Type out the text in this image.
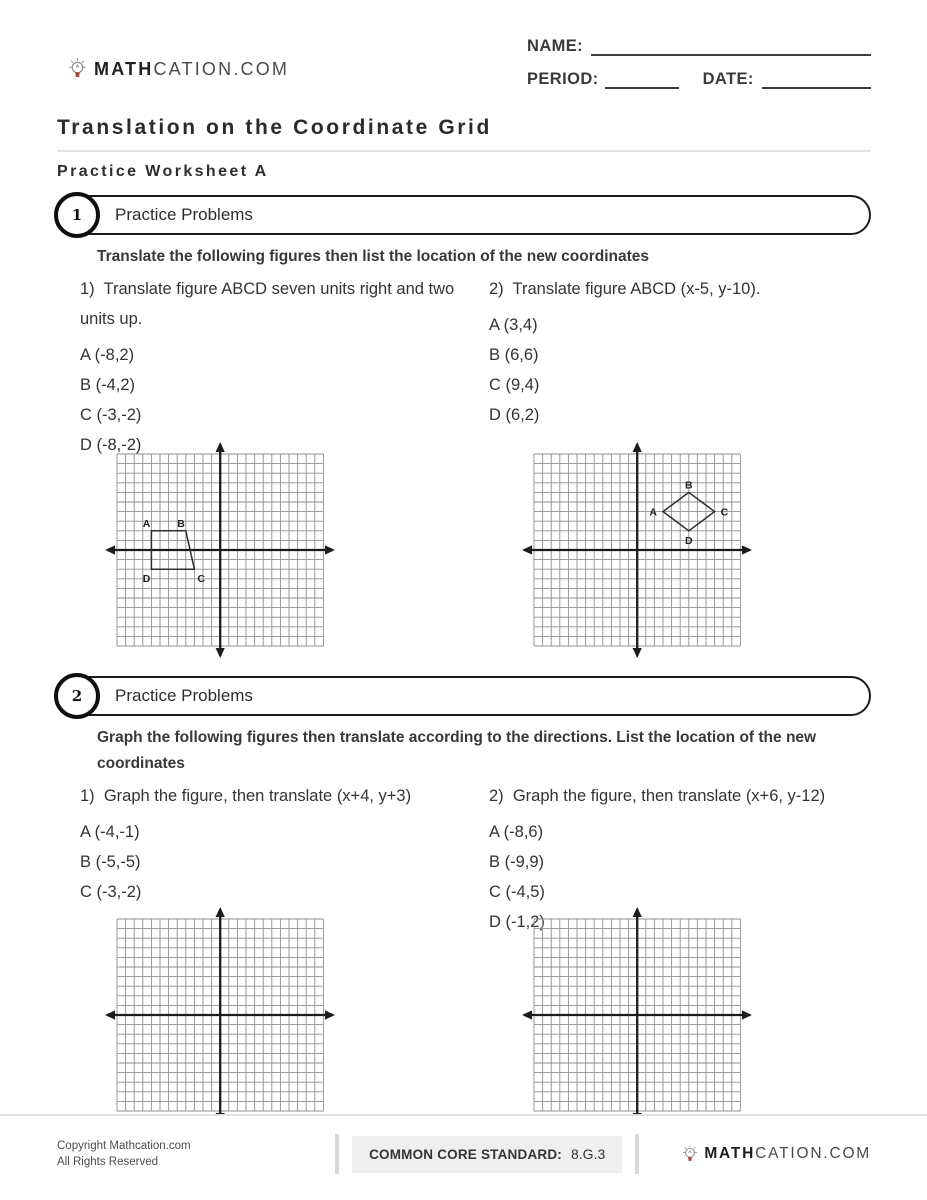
MATHCATION.COM
NAME:
PERIOD:	DATE:
Translation on the Coordinate Grid
Practice Worksheet A
Practice Problems
1
Translate the following figures then list the location of the new coordinates
1)  Translate figure ABCD seven units right and two units up.
A (-8,2)
B (-4,2)
C (-3,-2)
D (-8,-2)
2)  Translate figure ABCD (x-5, y-10).
A (3,4)
B (6,6)
C (9,4)
D (6,2)
A	B
C
D
A
B
C
D
Practice Problems
2
Graph the following figures then translate according to the directions. List the location of the new coordinates
1)  Graph the figure, then translate (x+4, y+3)
A (-4,-1)
B (-5,-5)
C (-3,-2)
2)  Graph the figure, then translate (x+6, y-12)
A (-8,6)
B (-9,9)
C (-4,5)
D (-1,2)
Copyright Mathcation.com
All Rights Reserved
COMMON CORE STANDARD: 8.G.3	MATHCATION.COM
